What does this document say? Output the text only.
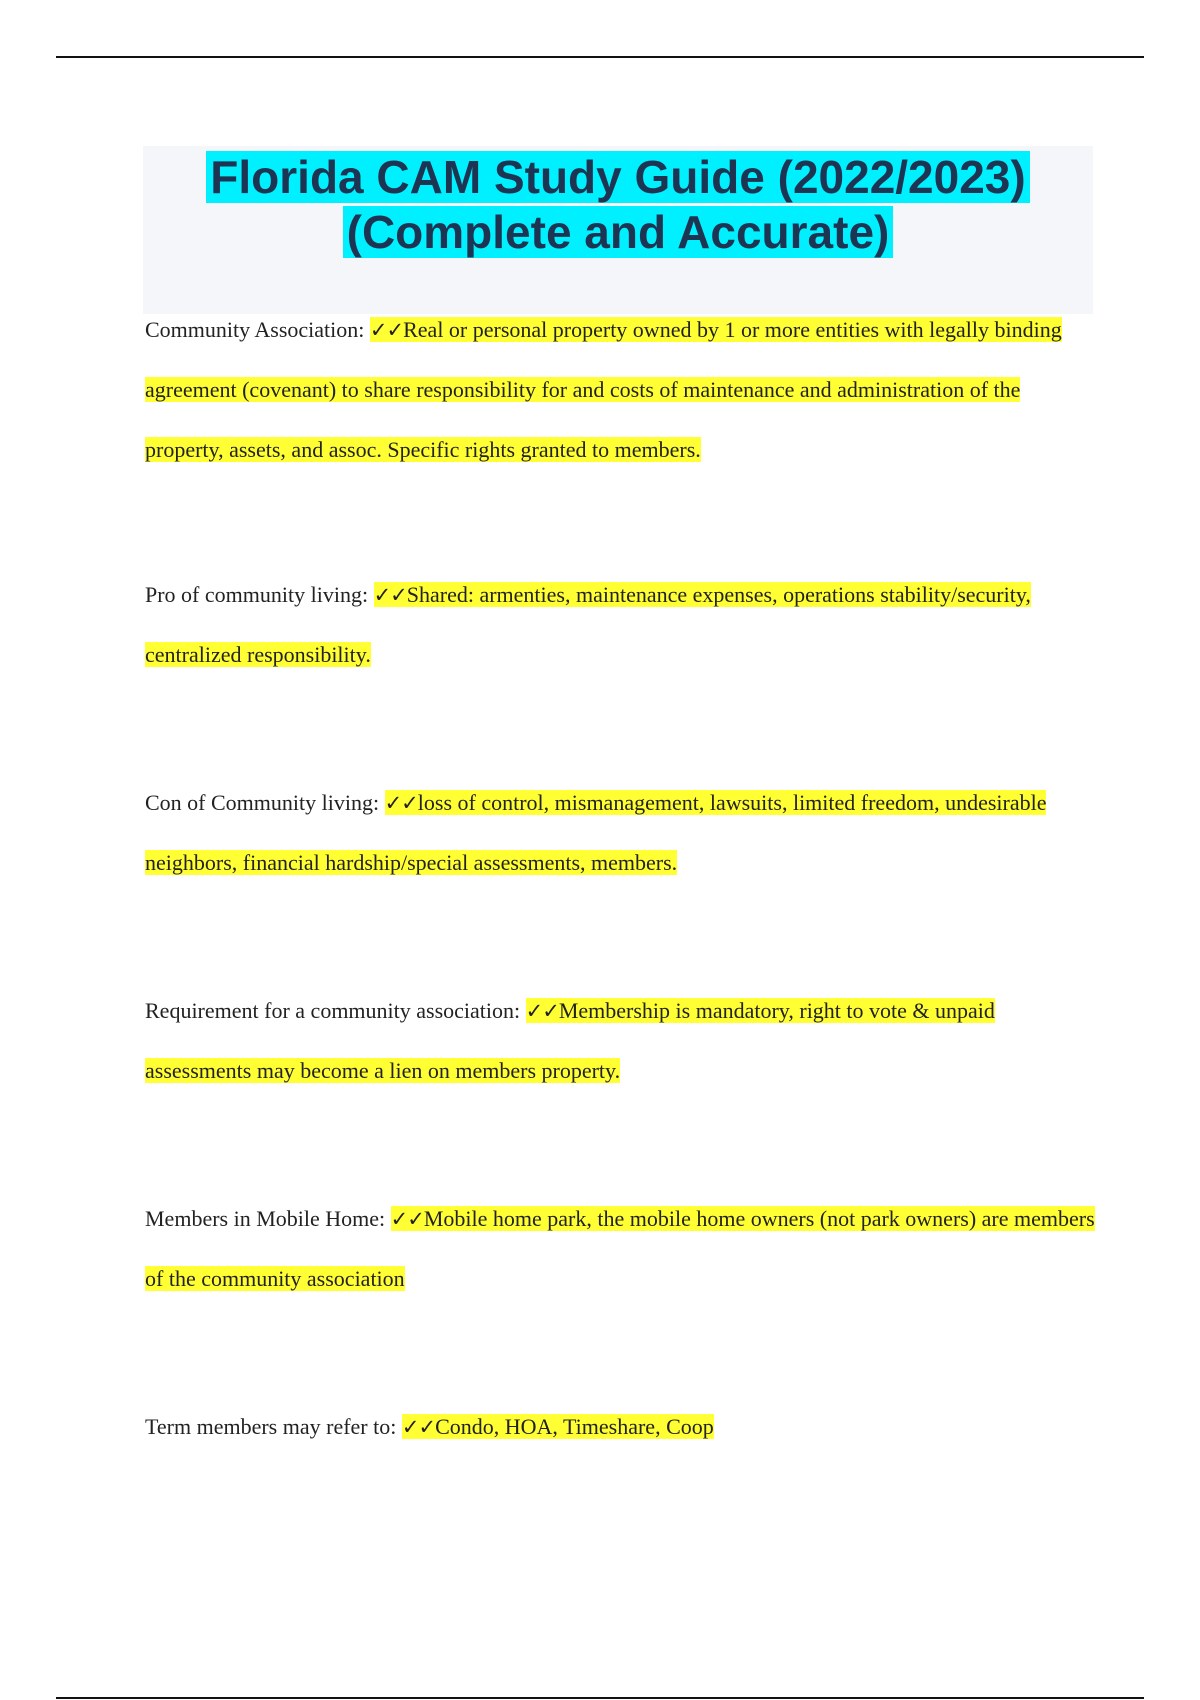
Florida CAM Study Guide (2022/2023)
(Complete and Accurate)
Community Association: ✓✓Real or personal property owned by 1 or more entities with legally binding agreement (covenant) to share responsibility for and costs of maintenance and administration of the property, assets, and assoc. Specific rights granted to members.
Pro of community living: ✓✓Shared: armenties, maintenance expenses, operations stability/security, centralized responsibility.
Con of Community living: ✓✓loss of control, mismanagement, lawsuits, limited freedom, undesirable neighbors, financial hardship/special assessments, members.
Requirement for a community association: ✓✓Membership is mandatory, right to vote & unpaid assessments may become a lien on members property.
Members in Mobile Home: ✓✓Mobile home park, the mobile home owners (not park owners) are members of the community association
Term members may refer to: ✓✓Condo, HOA, Timeshare, Coop
